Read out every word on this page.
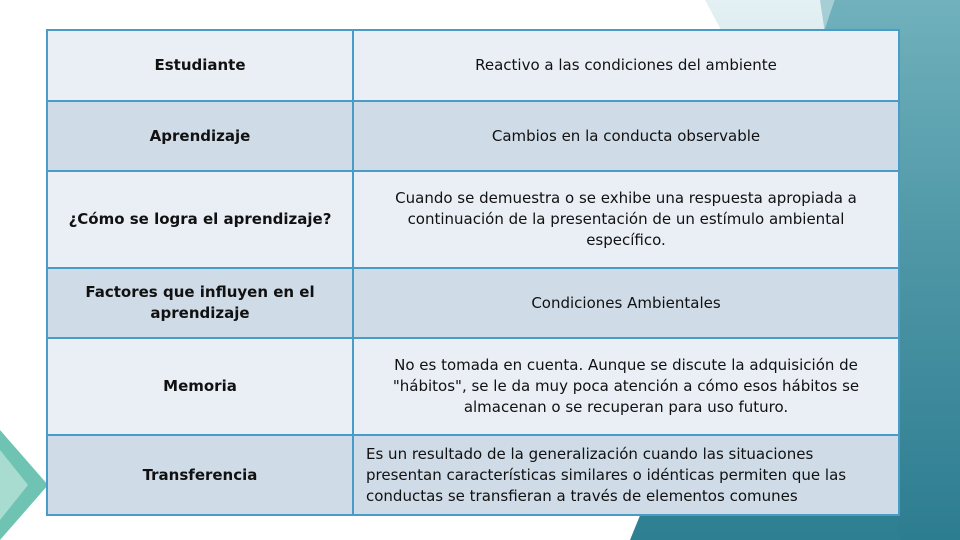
Estudiante	Reactivo a las condiciones del ambiente
Aprendizaje	Cambios en la conducta observable
¿Cómo se logra el aprendizaje?
Cuando se demuestra o se exhibe una respuesta apropiada a continuación de la presentación de un estímulo ambiental específico.
Factores que influyen en el aprendizaje
Condiciones Ambientales
Memoria
No es tomada en cuenta. Aunque se discute la adquisición de "hábitos", se le da muy poca atención a cómo esos hábitos se almacenan o se recuperan para uso futuro.
Transferencia
Es un resultado de la generalización cuando las situaciones presentan características similares o idénticas permiten que las conductas se transfieran a través de elementos comunes
